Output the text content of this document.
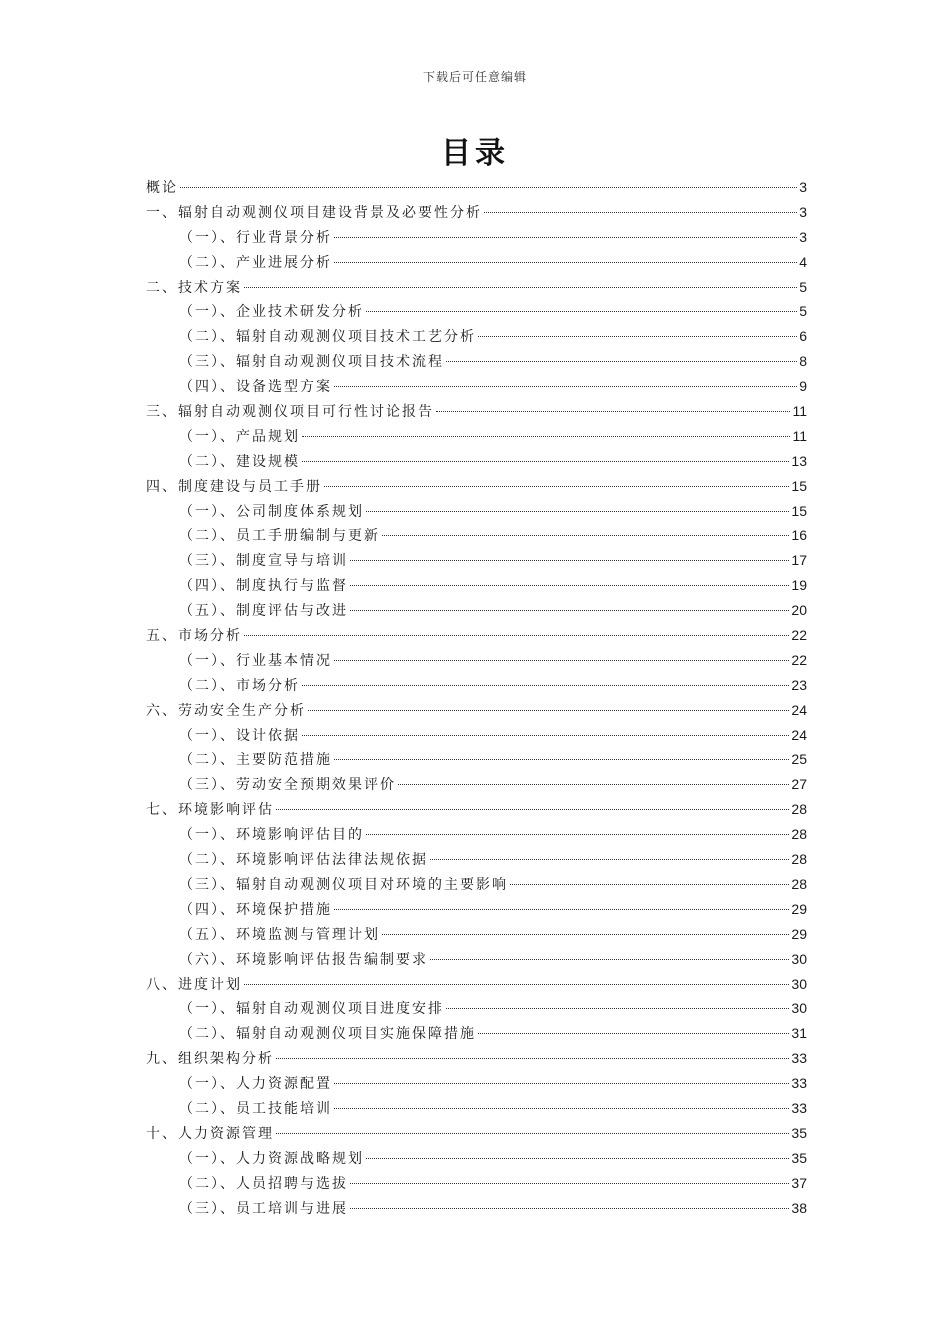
下载后可任意编辑
目录
概论	3
一、辐射自动观测仪项目建设背景及必要性分析	3
（一）、行业背景分析	3
（二）、产业进展分析	4
二、技术方案	5
（一）、企业技术研发分析	5
（二）、辐射自动观测仪项目技术工艺分析	6
（三）、辐射自动观测仪项目技术流程	8
（四）、设备选型方案	9
三、辐射自动观测仪项目可行性讨论报告	11
（一）、产品规划	11
（二）、建设规模	13
四、制度建设与员工手册	15
（一）、公司制度体系规划	15
（二）、员工手册编制与更新	16
（三）、制度宣导与培训	17
（四）、制度执行与监督	19
（五）、制度评估与改进	20
五、市场分析	22
（一）、行业基本情况	22
（二）、市场分析	23
六、劳动安全生产分析	24
（一）、设计依据	24
（二）、主要防范措施	25
（三）、劳动安全预期效果评价	27
七、环境影响评估	28
（一）、环境影响评估目的	28
（二）、环境影响评估法律法规依据	28
（三）、辐射自动观测仪项目对环境的主要影响	28
（四）、环境保护措施	29
（五）、环境监测与管理计划	29
（六）、环境影响评估报告编制要求	30
八、进度计划	30
（一）、辐射自动观测仪项目进度安排	30
（二）、辐射自动观测仪项目实施保障措施	31
九、组织架构分析	33
（一）、人力资源配置	33
（二）、员工技能培训	33
十、人力资源管理	35
（一）、人力资源战略规划	35
（二）、人员招聘与选拔	37
（三）、员工培训与进展	38
